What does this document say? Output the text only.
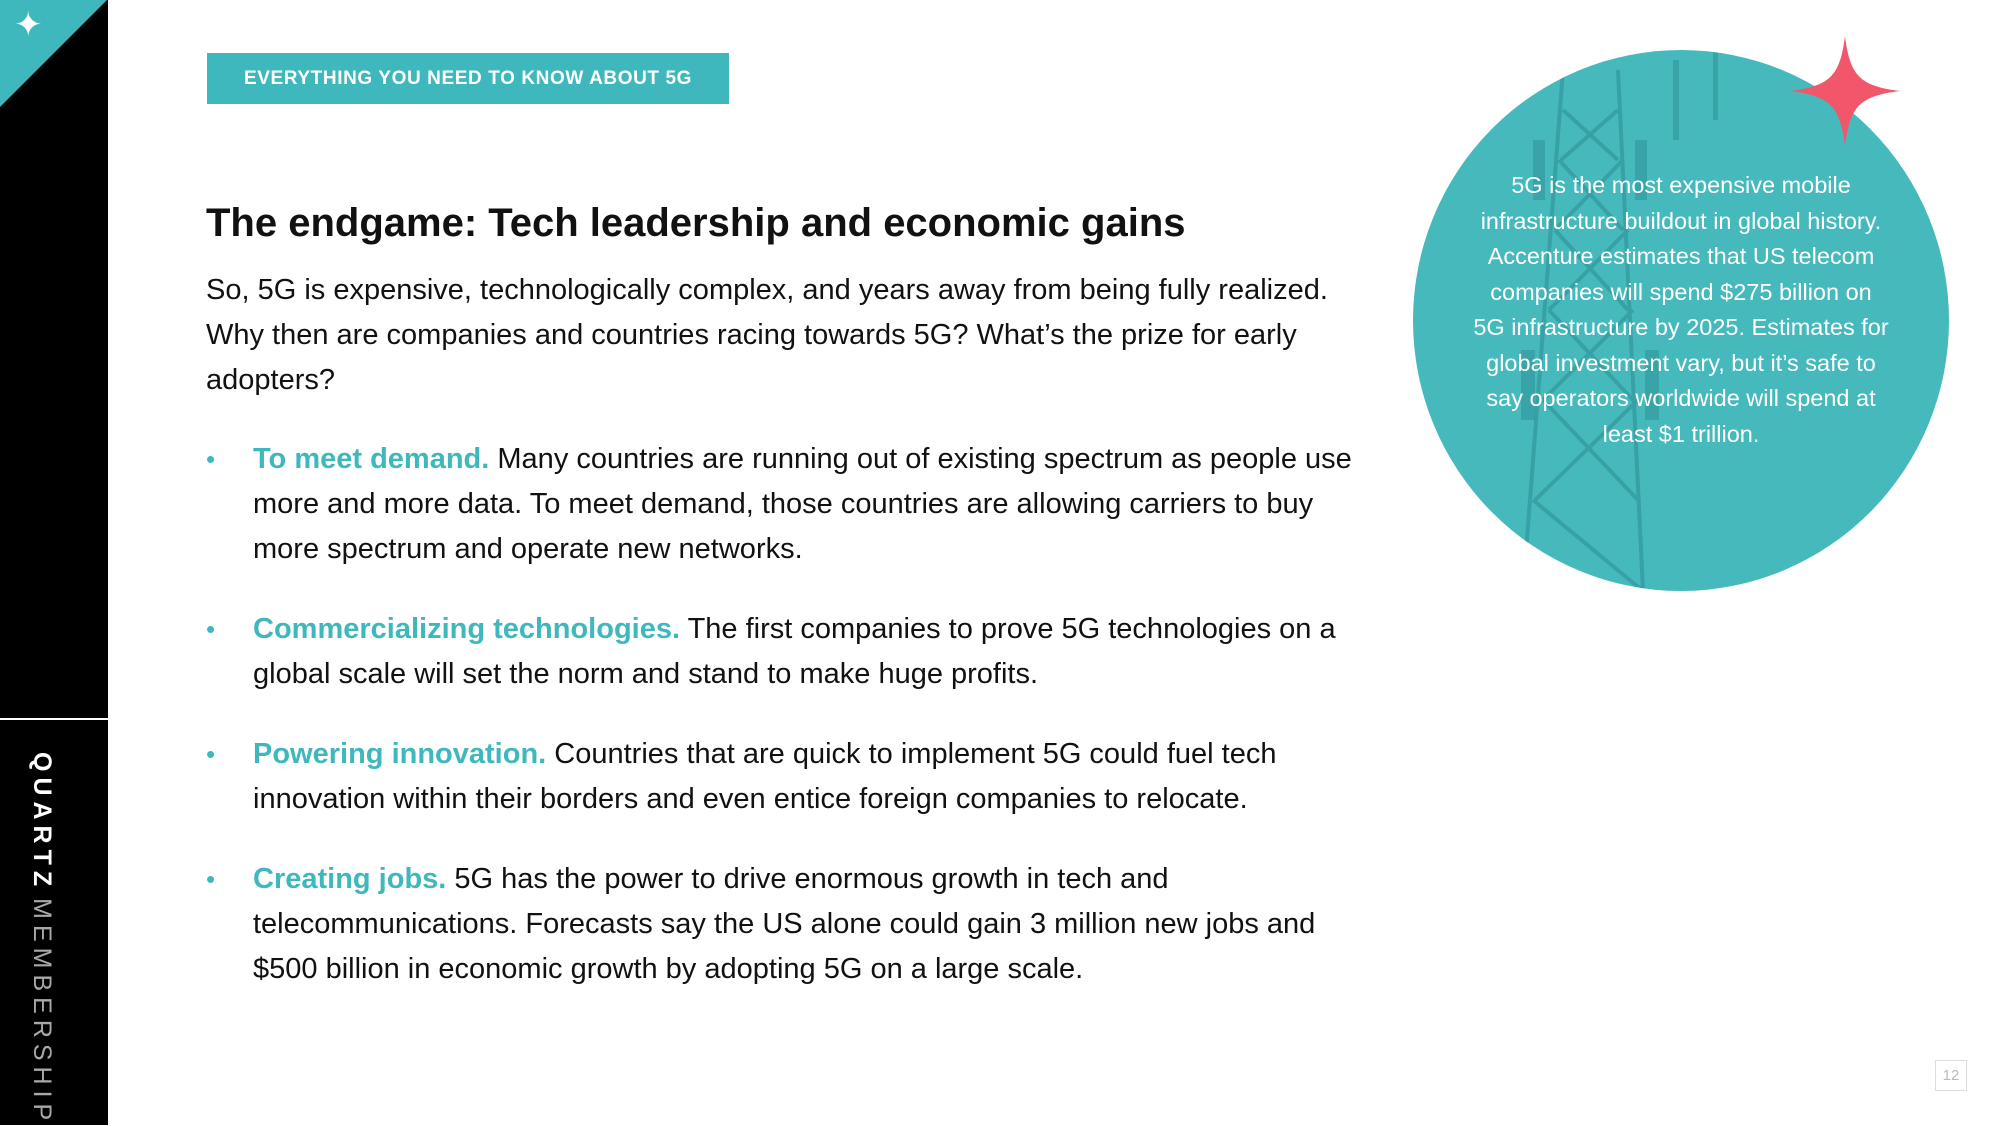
✦
QUARTZMEMBERSHIP
EVERYTHING YOU NEED TO KNOW ABOUT 5G
The endgame: Tech leadership and economic gains

So, 5G is expensive, technologically complex, and years away from being fully realized. Why then are companies and countries racing towards 5G? What’s the prize for early adopters?

• To meet demand. Many countries are running out of existing spectrum as people use more and more data. To meet demand, those countries are allowing carriers to buy more spectrum and operate new networks.
• Commercializing technologies. The first companies to prove 5G technologies on a global scale will set the norm and stand to make huge profits.
• Powering innovation. Countries that are quick to implement 5G could fuel tech innovation within their borders and even entice foreign companies to relocate.
• Creating jobs. 5G has the power to drive enormous growth in tech and telecommunications. Forecasts say the US alone could gain 3 million new jobs and $500 billion in economic growth by adopting 5G on a large scale.
5G is the most expensive mobile infrastructure buildout in global history. Accenture estimates that US telecom companies will spend $275 billion on 5G infrastructure by 2025. Estimates for global investment vary, but it’s safe to say operators worldwide will spend at least $1 trillion.
12
